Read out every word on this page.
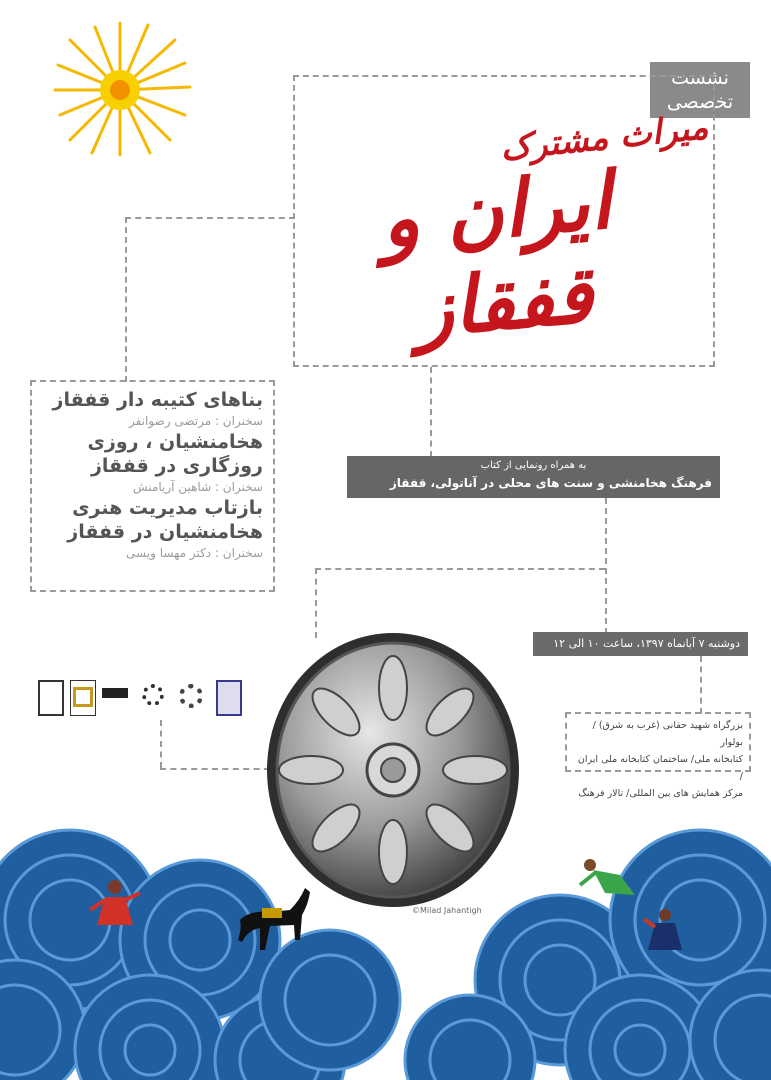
نشست
تخصصی
میراث مشترک
ایران و
قفقاز
بناهای کتیبه دار قفقاز
سخنران : مرتضی رضوانفر
هخامنشیان ، روزی روزگاری در قفقاز
سخنران : شاهین آریامنش
بازتاب مدیریت هنری هخامنشیان در قفقاز
سخنران : دکتر مهسا ویسی
به همراه رونمایی از کتاب
فرهنگ هخامنشی و سنت های محلی در آناتولی، قفقاز جنوبی و ایران
دوشنبه ۷ آبانماه ۱۳۹۷، ساعت ۱۰ الی ۱۲
بزرگراه شهید حقانی (غرب به شرق) / بولوار
کتابخانه ملی/ ساختمان کتابخانه ملی ایران /
مرکز همایش های بین المللی/ تالار فرهنگ
©Milad Jahantigh
